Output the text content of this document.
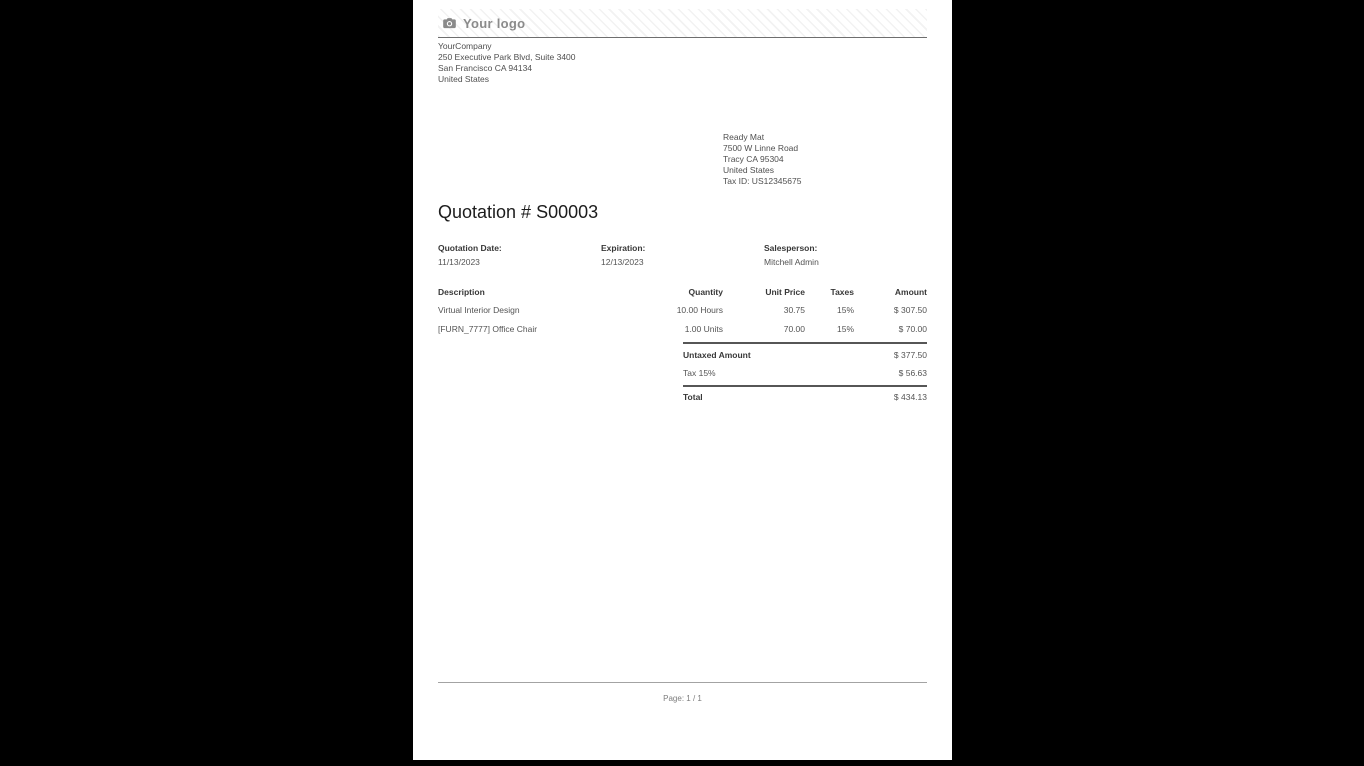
Your logo
YourCompany
250 Executive Park Blvd, Suite 3400
San Francisco CA 94134
United States
Ready Mat
7500 W Linne Road
Tracy CA 95304
United States
Tax ID: US12345675
Quotation # S00003
Quotation Date:
11/13/2023
Expiration:
12/13/2023
Salesperson:
Mitchell Admin
Description	Quantity	Unit Price	Taxes	Amount
Virtual Interior Design	10.00 Hours	30.75	15%	$ 307.50
[FURN_7777] Office Chair	1.00 Units	70.00	15%	$ 70.00
Untaxed Amount	$ 377.50
Tax 15%	$ 56.63
Total	$ 434.13
Page: 1 / 1
